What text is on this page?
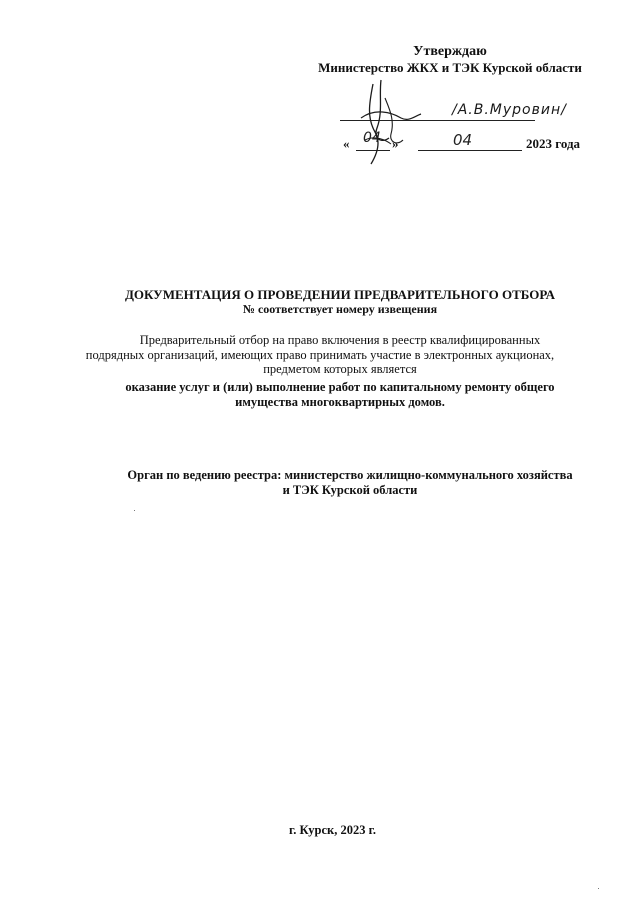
Утверждаю
Министерство ЖКХ и ТЭК Курской области
/А.В.Муровин/
« 04 »	04	2023 года
ДОКУМЕНТАЦИЯ О ПРОВЕДЕНИИ ПРЕДВАРИТЕЛЬНОГО ОТБОРА
№ соответствует номеру извещения
Предварительный отбор на право включения в реестр квалифицированных
подрядных организаций, имеющих право принимать участие в электронных аукционах,
предметом которых является
оказание услуг и (или) выполнение работ по капитальному ремонту общего
имущества многоквартирных домов.
Орган по ведению реестра: министерство жилищно-коммунального хозяйства
и ТЭК Курской области
г. Курск, 2023 г.
